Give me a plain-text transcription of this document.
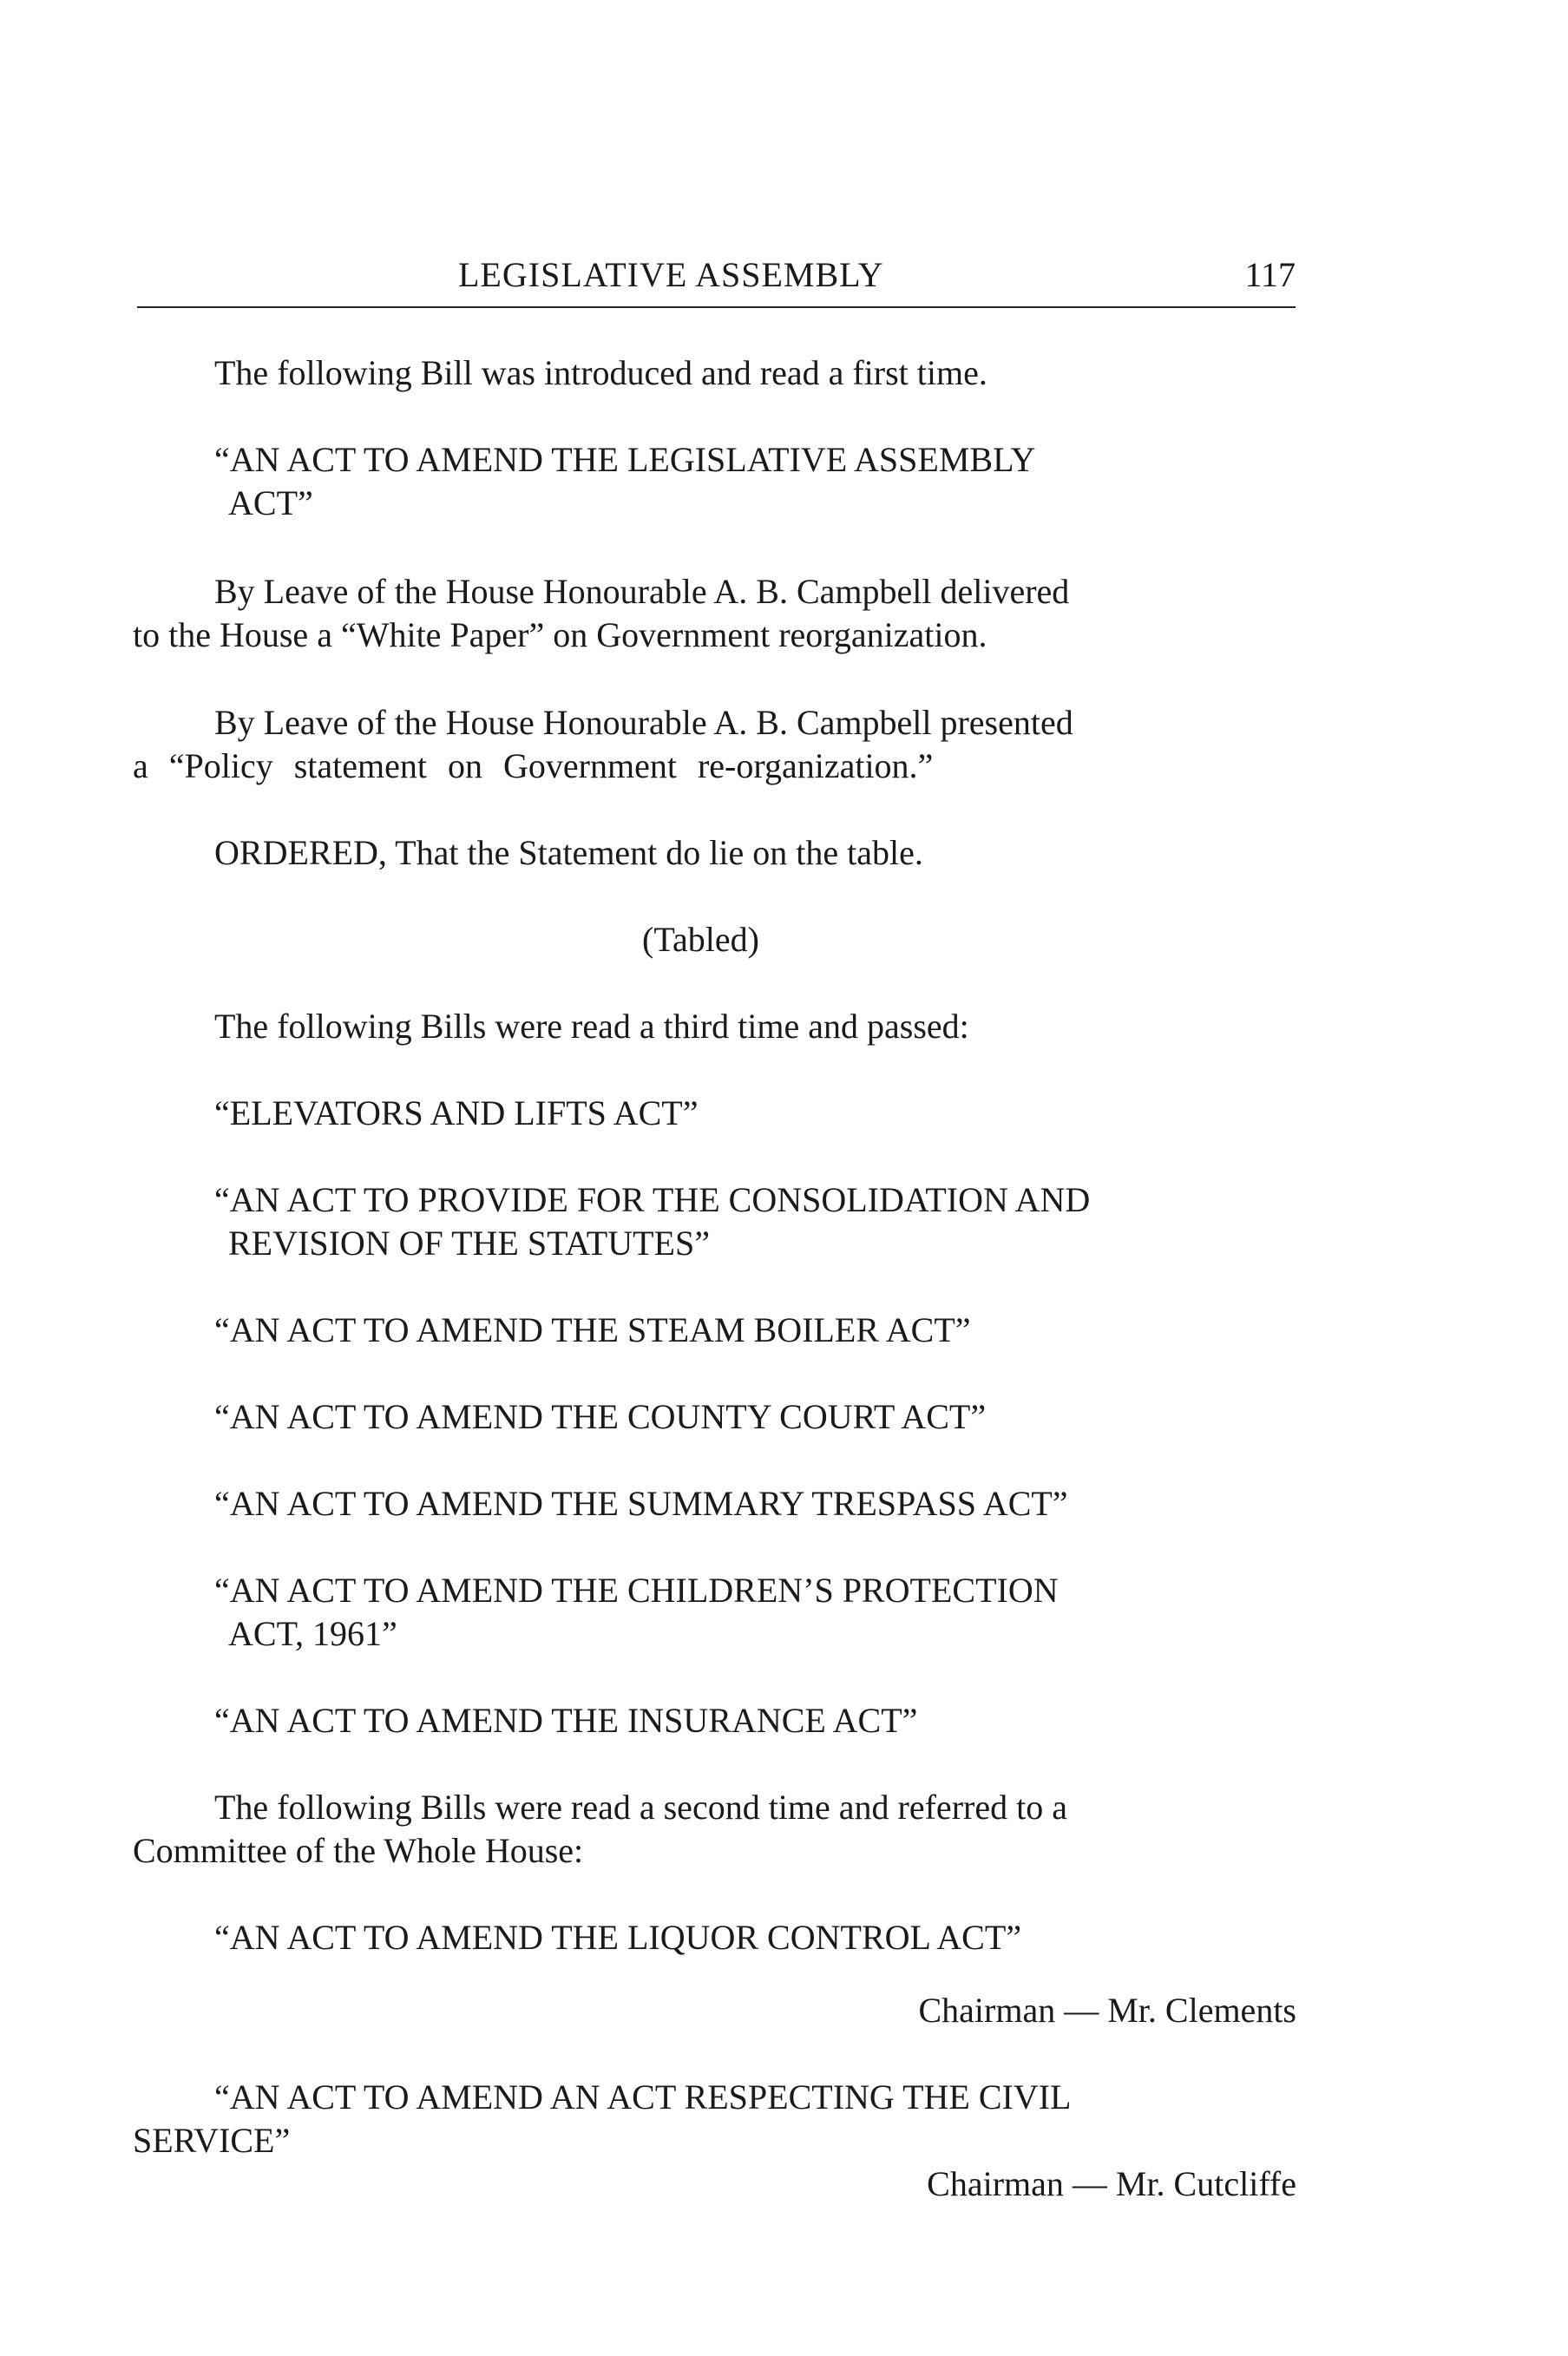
LEGISLATIVE ASSEMBLY	117
The following Bill was introduced and read a first time.
“AN ACT TO AMEND THE LEGISLATIVE ASSEMBLY
ACT”
By Leave of the House Honourable A. B. Campbell delivered
to the House a “White Paper” on Government reorganization.
By Leave of the House Honourable A. B. Campbell presented
a “Policy statement on Government re-organization.”
ORDERED, That the Statement do lie on the table.
(Tabled)
The following Bills were read a third time and passed:
“ELEVATORS AND LIFTS ACT”
“AN ACT TO PROVIDE FOR THE CONSOLIDATION AND
REVISION OF THE STATUTES”
“AN ACT TO AMEND THE STEAM BOILER ACT”
“AN ACT TO AMEND THE COUNTY COURT ACT”
“AN ACT TO AMEND THE SUMMARY TRESPASS ACT”
“AN ACT TO AMEND THE CHILDREN’S PROTECTION
ACT, 1961”
“AN ACT TO AMEND THE INSURANCE ACT”
The following Bills were read a second time and referred to a
Committee of the Whole House:
“AN ACT TO AMEND THE LIQUOR CONTROL ACT”
Chairman — Mr. Clements
“AN ACT TO AMEND AN ACT RESPECTING THE CIVIL
SERVICE”
Chairman — Mr. Cutcliffe
